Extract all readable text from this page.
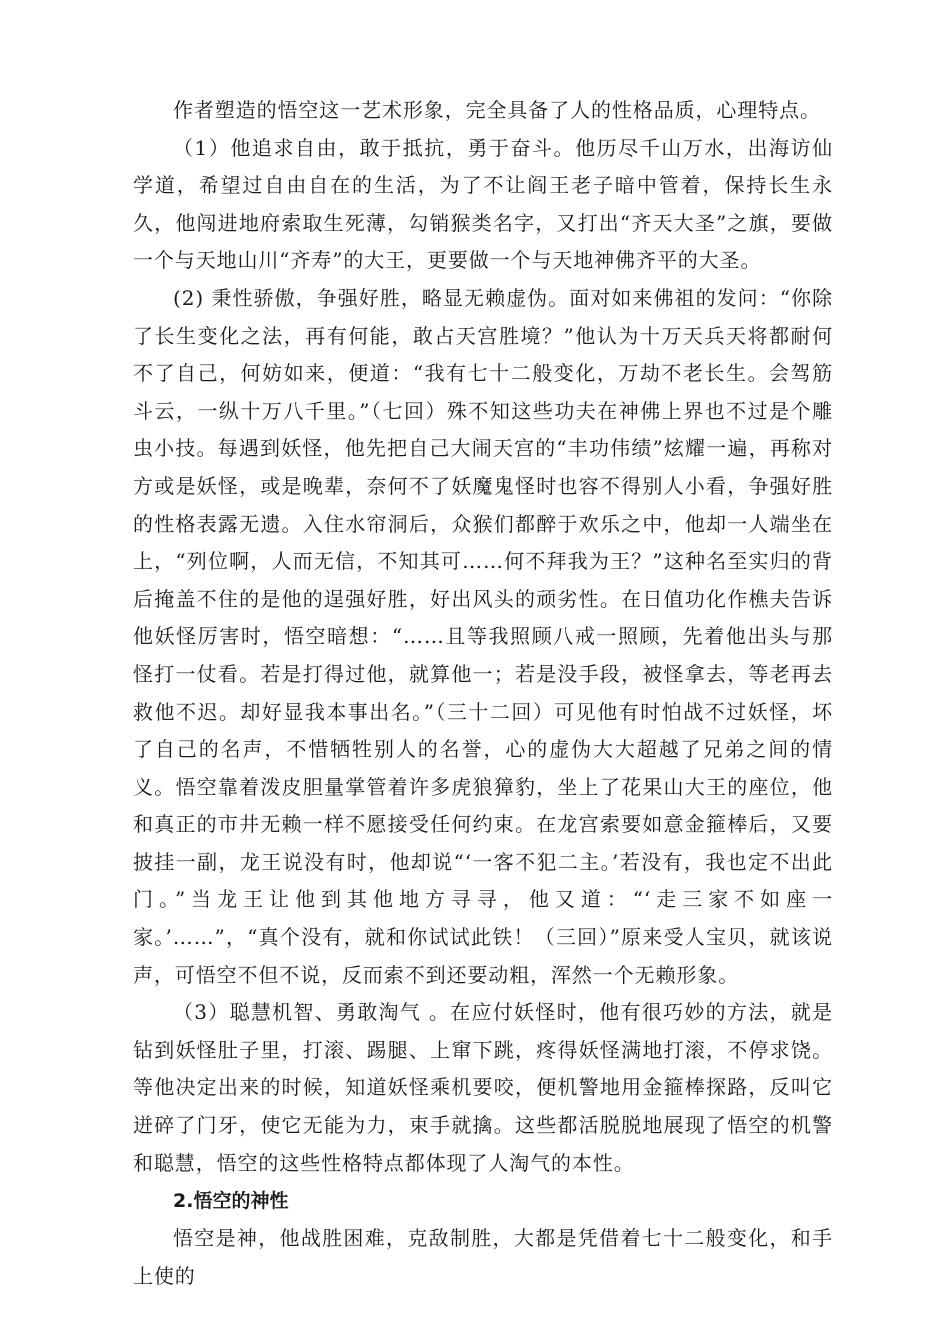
作者塑造的悟空这一艺术形象，完全具备了人的性格品质，心理特点。

（1）他追求自由，敢于抵抗，勇于奋斗。他历尽千山万水，出海访仙学道，希望过自由自在的生活，为了不让阎王老子暗中管着，保持长生永久，他闯进地府索取生死薄，勾销猴类名字，又打出“齐天大圣”之旗，要做一个与天地山川“齐寿”的大王，更要做一个与天地神佛齐平的大圣。

(2) 秉性骄傲，争强好胜，略显无赖虚伪。面对如来佛祖的发问：“你除了长生变化之法，再有何能，敢占天宫胜境？”他认为十万天兵天将都耐何不了自己，何妨如来，便道：“我有七十二般变化，万劫不老长生。会驾筋斗云，一纵十万八千里。”（七回）殊不知这些功夫在神佛上界也不过是个雕虫小技。每遇到妖怪，他先把自己大闹天宫的“丰功伟绩”炫耀一遍，再称对方或是妖怪，或是晚辈，奈何不了妖魔鬼怪时也容不得别人小看，争强好胜的性格表露无遗。入住水帘洞后，众猴们都醉于欢乐之中，他却一人端坐在上，“列位啊，人而无信，不知其可……何不拜我为王？”这种名至实归的背后掩盖不住的是他的逞强好胜，好出风头的顽劣性。在日值功化作樵夫告诉他妖怪厉害时，悟空暗想：“……且等我照顾八戒一照顾，先着他出头与那怪打一仗看。若是打得过他，就算他一；若是没手段，被怪拿去，等老再去救他不迟。却好显我本事出名。”（三十二回）可见他有时怕战不过妖怪，坏了自己的名声，不惜牺牲别人的名誉，心的虚伪大大超越了兄弟之间的情义。悟空靠着泼皮胆量掌管着许多虎狼獐豹，坐上了花果山大王的座位，他和真正的市井无赖一样不愿接受任何约束。在龙宫索要如意金箍棒后，又要披挂一副，龙王说没有时，他却说“‘一客不犯二主。’若没有，我也定不出此门。”当龙王让他到其他地方寻寻，他又道：“‘走三家不如座一家。’……”，“真个没有，就和你试试此铁！（三回）”原来受人宝贝，就该说声，可悟空不但不说，反而索不到还要动粗，浑然一个无赖形象。

（3）聪慧机智、勇敢淘气 。在应付妖怪时，他有很巧妙的方法，就是钻到妖怪肚子里，打滚、踢腿、上窜下跳，疼得妖怪满地打滚，不停求饶。等他决定出来的时候，知道妖怪乘机要咬，便机警地用金箍棒探路，反叫它迸碎了门牙，使它无能为力，束手就擒。这些都活脱脱地展现了悟空的机警和聪慧，悟空的这些性格特点都体现了人淘气的本性。

2.悟空的神性

悟空是神，他战胜困难，克敌制胜，大都是凭借着七十二般变化，和手上使的
